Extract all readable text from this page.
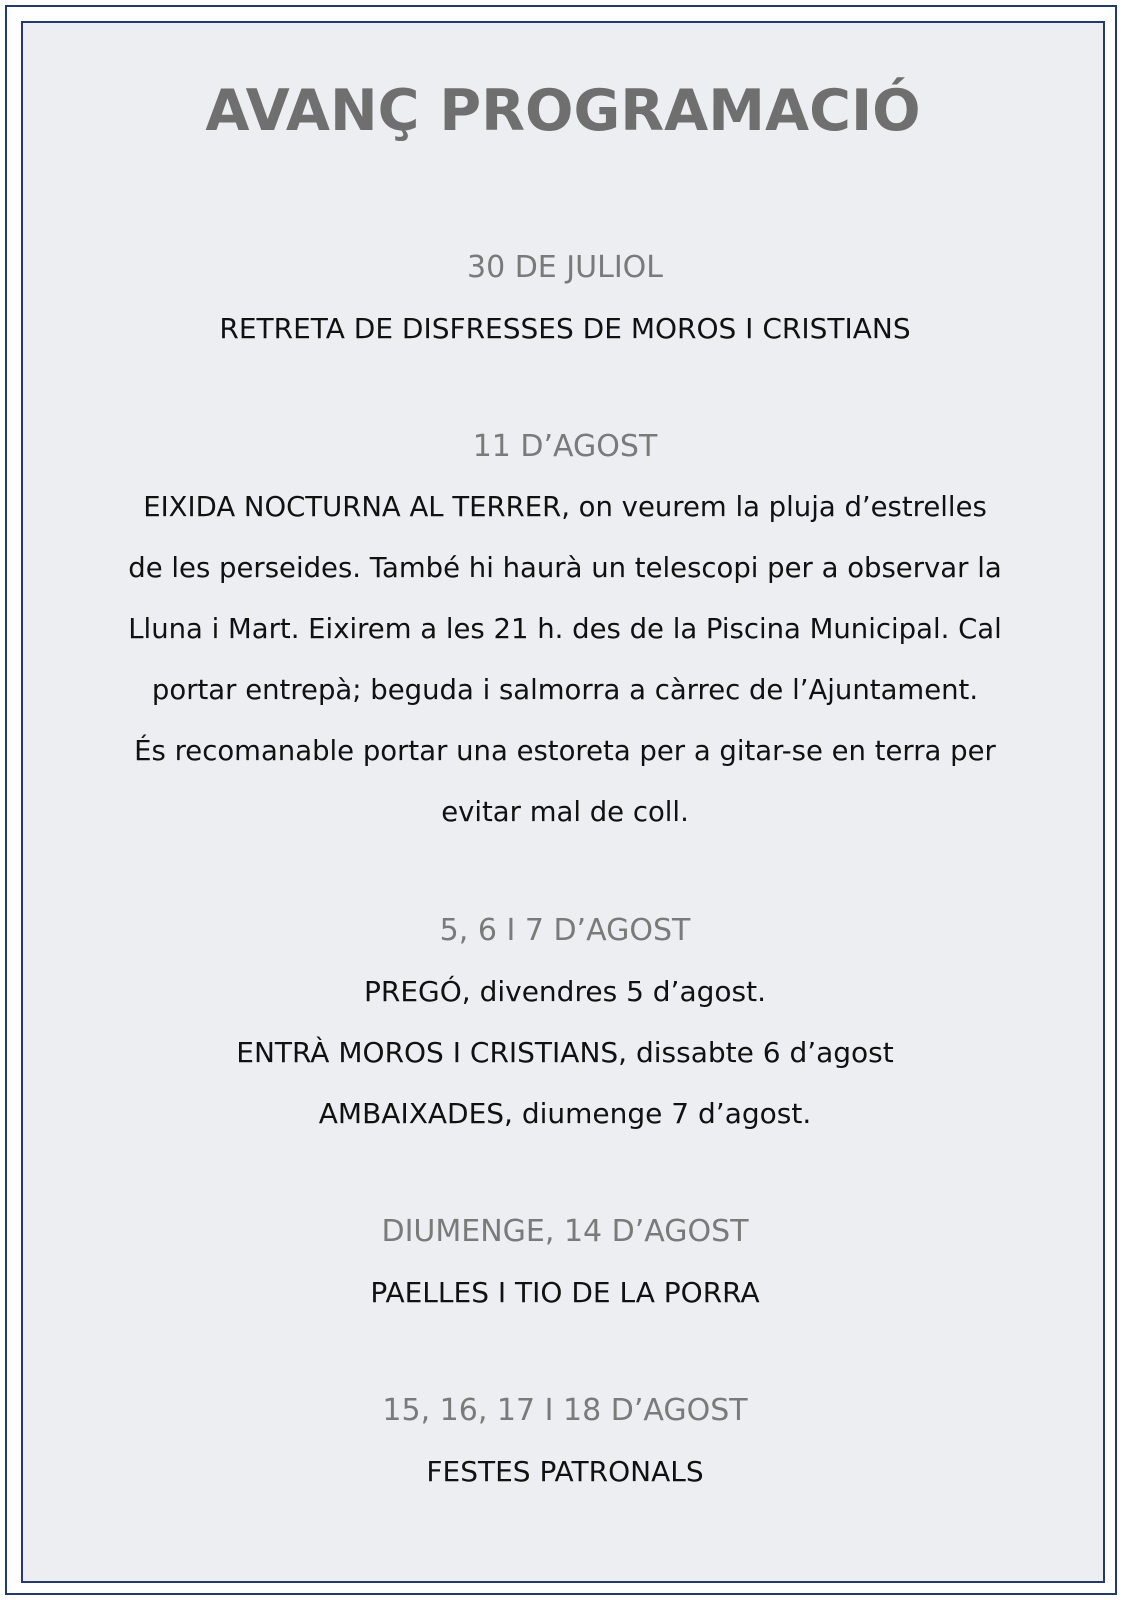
AVANÇ PROGRAMACIÓ
30 DE JULIOL
RETRETA DE DISFRESSES DE MOROS I CRISTIANS
11 D’AGOST
EIXIDA NOCTURNA AL TERRER, on veurem la pluja d’estrelles
de les perseides. També hi haurà un telescopi per a observar la
Lluna i Mart. Eixirem a les 21 h. des de la Piscina Municipal. Cal
portar entrepà; beguda i salmorra a càrrec de l’Ajuntament.
És recomanable portar una estoreta per a gitar-se en terra per
evitar mal de coll.
5, 6 I 7 D’AGOST
PREGÓ, divendres 5 d’agost.
ENTRÀ MOROS I CRISTIANS, dissabte 6 d’agost
AMBAIXADES, diumenge 7 d’agost.
DIUMENGE, 14 D’AGOST
PAELLES I TIO DE LA PORRA
15, 16, 17 I 18 D’AGOST
FESTES PATRONALS
